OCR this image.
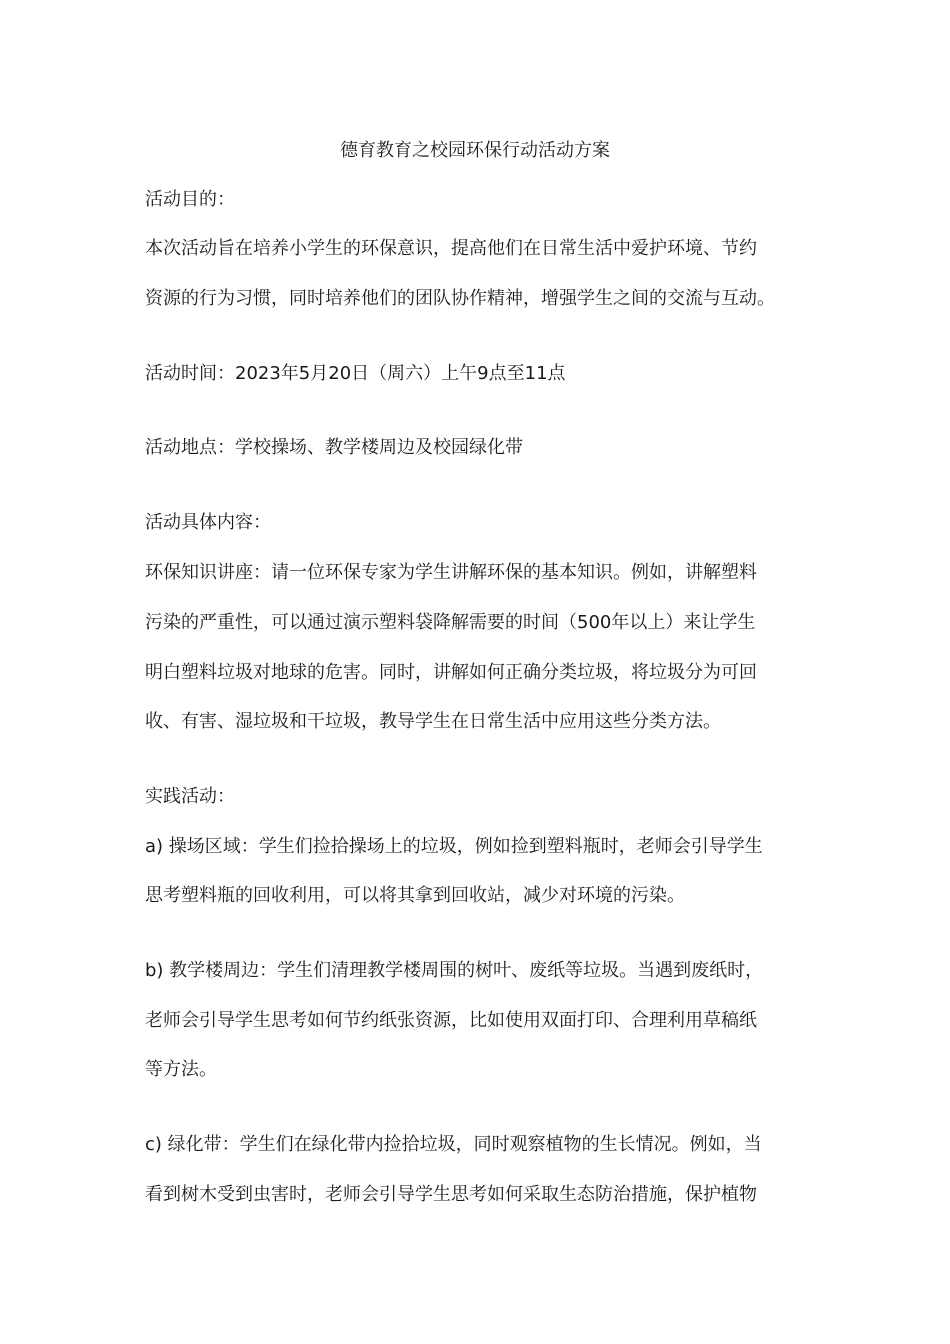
德育教育之校园环保行动活动方案
活动目的：
本次活动旨在培养小学生的环保意识，提高他们在日常生活中爱护环境、节约
资源的行为习惯，同时培养他们的团队协作精神，增强学生之间的交流与互动。
活动时间：2023年5月20日（周六）上午9点至11点
活动地点：学校操场、教学楼周边及校园绿化带
活动具体内容：
环保知识讲座：请一位环保专家为学生讲解环保的基本知识。例如，讲解塑料
污染的严重性，可以通过演示塑料袋降解需要的时间（500年以上）来让学生
明白塑料垃圾对地球的危害。同时，讲解如何正确分类垃圾，将垃圾分为可回
收、有害、湿垃圾和干垃圾，教导学生在日常生活中应用这些分类方法。
实践活动：
a) 操场区域：学生们捡拾操场上的垃圾，例如捡到塑料瓶时，老师会引导学生
思考塑料瓶的回收利用，可以将其拿到回收站，减少对环境的污染。
b) 教学楼周边：学生们清理教学楼周围的树叶、废纸等垃圾。当遇到废纸时，
老师会引导学生思考如何节约纸张资源，比如使用双面打印、合理利用草稿纸
等方法。
c) 绿化带：学生们在绿化带内捡拾垃圾，同时观察植物的生长情况。例如，当
看到树木受到虫害时，老师会引导学生思考如何采取生态防治措施，保护植物
